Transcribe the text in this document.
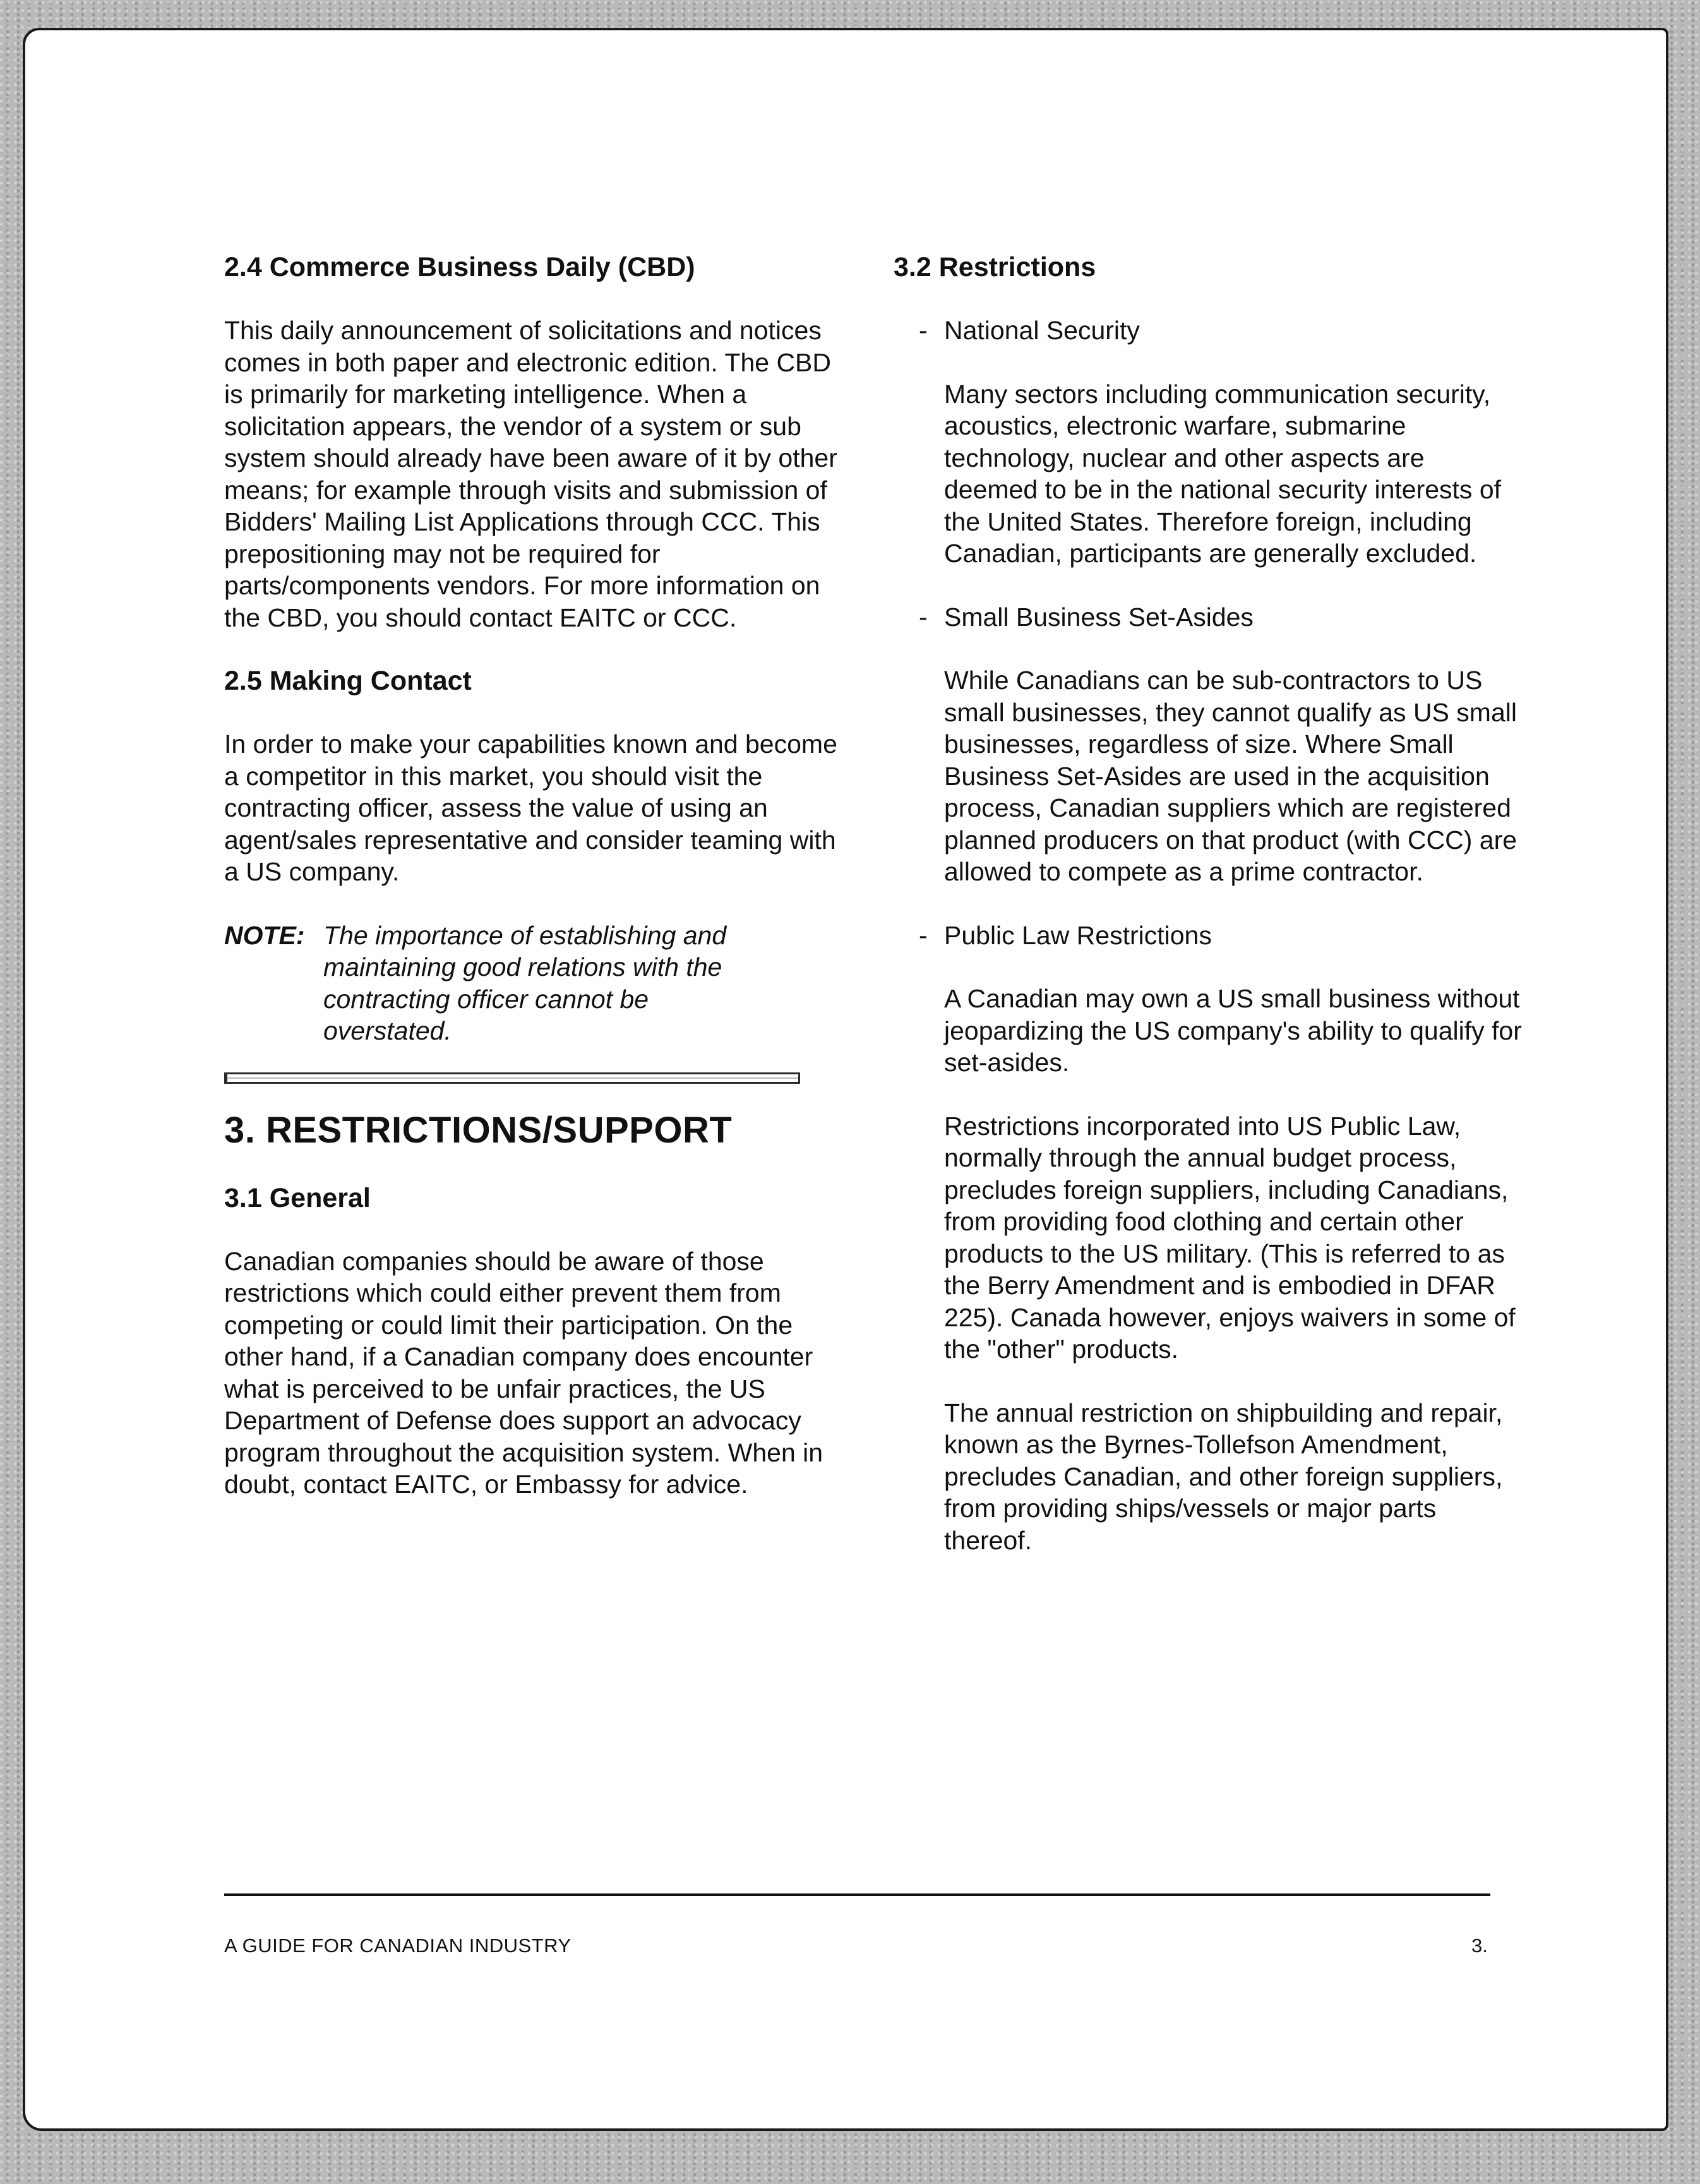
2.4 Commerce Business Daily (CBD)

This daily announcement of solicitations and notices comes in both paper and electronic edition. The CBD is primarily for marketing intelligence. When a solicitation appears, the vendor of a system or sub system should already have been aware of it by other means; for example through visits and submission of Bidders' Mailing List Applications through CCC. This prepositioning may not be required for parts/components vendors. For more information on the CBD, you should contact EAITC or CCC.

2.5 Making Contact

In order to make your capabilities known and become a competitor in this market, you should visit the contracting officer, assess the value of using an agent/sales representative and consider teaming with a US company.

NOTE: The importance of establishing and maintaining good relations with the contracting officer cannot be overstated.
3. RESTRICTIONS/SUPPORT
3.1 General

Canadian companies should be aware of those restrictions which could either prevent them from competing or could limit their participation. On the other hand, if a Canadian company does encounter what is perceived to be unfair practices, the US Department of Defense does support an advocacy program throughout the acquisition system. When in doubt, contact EAITC, or Embassy for advice.

3.2 Restrictions
- National Security

Many sectors including communication security, acoustics, electronic warfare, submarine technology, nuclear and other aspects are deemed to be in the national security interests of the United States. Therefore foreign, including Canadian, participants are generally excluded.

- Small Business Set-Asides

While Canadians can be sub-contractors to US small businesses, they cannot qualify as US small businesses, regardless of size. Where Small Business Set-Asides are used in the acquisition process, Canadian suppliers which are registered planned producers on that product (with CCC) are allowed to compete as a prime contractor.

- Public Law Restrictions

A Canadian may own a US small business without jeopardizing the US company's ability to qualify for set-asides.

Restrictions incorporated into US Public Law, normally through the annual budget process, precludes foreign suppliers, including Canadians, from providing food clothing and certain other products to the US military. (This is referred to as the Berry Amendment and is embodied in DFAR 225). Canada however, enjoys waivers in some of the "other" products.

The annual restriction on shipbuilding and repair, known as the Byrnes-Tollefson Amendment, precludes Canadian, and other foreign suppliers, from providing ships/vessels or major parts thereof.

A GUIDE FOR CANADIAN INDUSTRY	3.
